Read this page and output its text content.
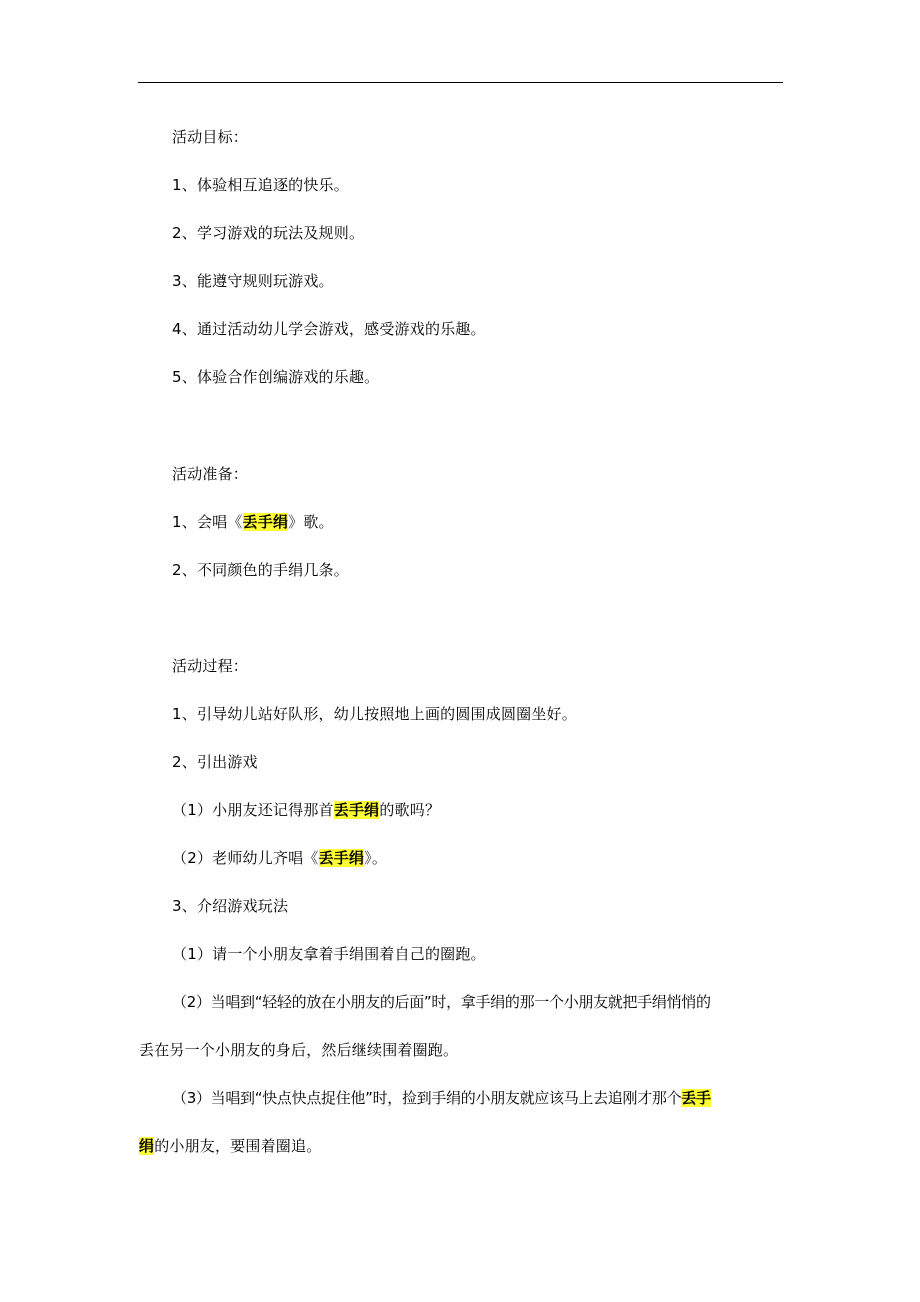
活动目标：
1、体验相互追逐的快乐。
2、学习游戏的玩法及规则。
3、能遵守规则玩游戏。
4、通过活动幼儿学会游戏，感受游戏的乐趣。
5、体验合作创编游戏的乐趣。
活动准备：
1、会唱《丢手绢》歌。
2、不同颜色的手绢几条。
活动过程：
1、引导幼儿站好队形，幼儿按照地上画的圆围成圆圈坐好。
2、引出游戏
（1）小朋友还记得那首丢手绢的歌吗？
（2）老师幼儿齐唱《丢手绢》。
3、介绍游戏玩法
（1）请一个小朋友拿着手绢围着自己的圈跑。
（2）当唱到“轻轻的放在小朋友的后面”时，拿手绢的那一个小朋友就把手绢悄悄的
丢在另一个小朋友的身后，然后继续围着圈跑。
（3）当唱到“快点快点捉住他”时，捡到手绢的小朋友就应该马上去追刚才那个丢手
绢的小朋友，要围着圈追。
